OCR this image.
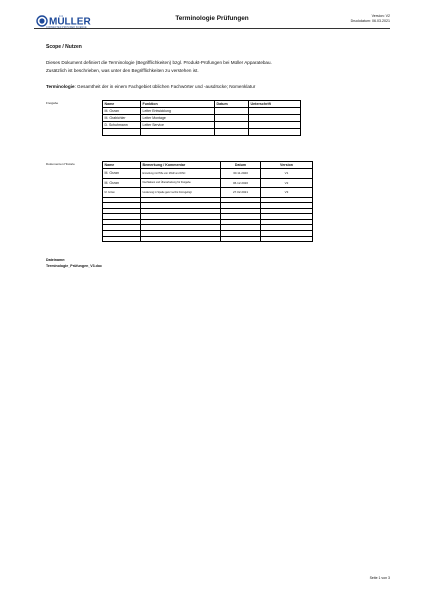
MÜLLER
CONNECTED PROVIDER SCIENCE
Terminologie Prüfungen	Version: V2
Druckdatum: 06.03.2021
Scope / Nutzen
Dieses Dokument definiert die Terminologie (Begrifflichkeiten) bzgl. Produkt-Prüfungen bei Müller Apparatebau.
Zusätzlich ist beschrieben, was unter den Begrifflichkeiten zu verstehen ist.
Terminologie: Gesamtheit der in einem Fachgebiet üblichen Fachwörter und -ausdrücke; Nomenklatur
Freigabe	Name	Funktion	Datum	Unterschrift
M. Grzan	Leiter Entwicklung		
M. Grabichler	Leiter Montage		
D. Schuhmann	Leiter Service		

Dokumenten Historie	Name	Bemerkung / Kommentar	Datum	Version
M. Grzan	Erstellung mit Hilfe von MGR und DSC	30.11.2020	V1
M. Grzan	Nachtabest und Überarbeitung für Freigabe	06.12.2020	V2
M. Grzan	Ueiderung in Spalte ganz rechts hinzugefügt	27.02.2021	V3

Dateiname:
Terminologie_Prüfungen_V3.doc
Seite 1 von 3
